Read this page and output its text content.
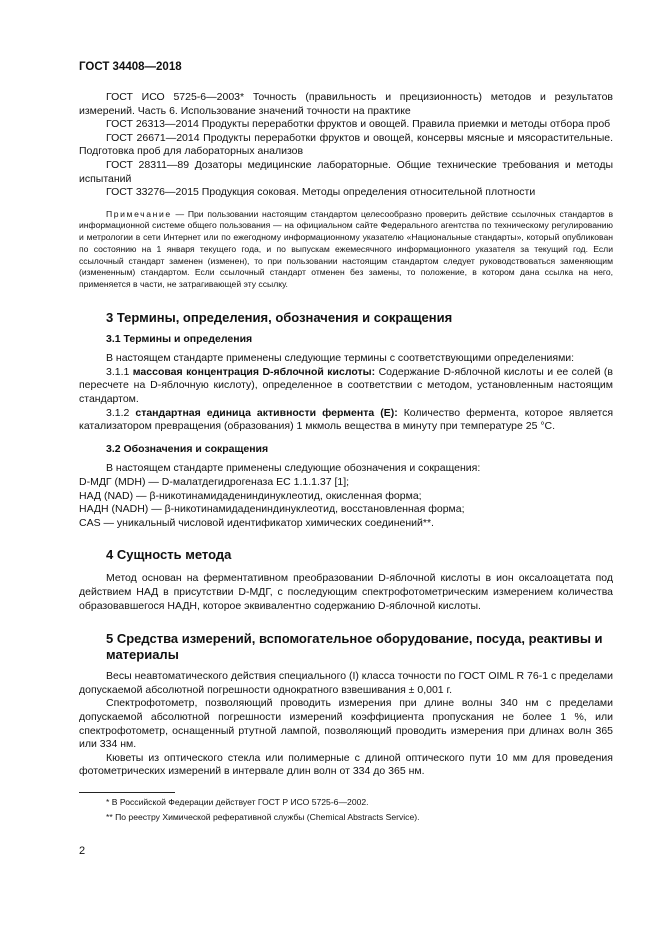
ГОСТ 34408—2018

ГОСТ ИСО 5725-6—2003* Точность (правильность и прецизионность) методов и результатов измерений. Часть 6. Использование значений точности на практике

ГОСТ 26313—2014 Продукты переработки фруктов и овощей. Правила приемки и методы отбора проб

ГОСТ 26671—2014 Продукты переработки фруктов и овощей, консервы мясные и мясорастительные. Подготовка проб для лабораторных анализов

ГОСТ 28311—89 Дозаторы медицинские лабораторные. Общие технические требования и методы испытаний

ГОСТ 33276—2015 Продукция соковая. Методы определения относительной плотности

Примечание — При пользовании настоящим стандартом целесообразно проверить действие ссылочных стандартов в информационной системе общего пользования — на официальном сайте Федерального агентства по техническому регулированию и метрологии в сети Интернет или по ежегодному информационному указателю «Национальные стандарты», который опубликован по состоянию на 1 января текущего года, и по выпускам ежемесячного информационного указателя за текущий год. Если ссылочный стандарт заменен (изменен), то при пользовании настоящим стандартом следует руководствоваться заменяющим (измененным) стандартом. Если ссылочный стандарт отменен без замены, то положение, в котором дана ссылка на него, применяется в части, не затрагивающей эту ссылку.

3 Термины, определения, обозначения и сокращения
3.1 Термины и определения

В настоящем стандарте применены следующие термины с соответствующими определениями:

3.1.1 массовая концентрация D-яблочной кислоты: Содержание D-яблочной кислоты и ее солей (в пересчете на D-яблочную кислоту), определенное в соответствии с методом, установленным настоящим стандартом.

3.1.2 стандартная единица активности фермента (Е): Количество фермента, которое является катализатором превращения (образования) 1 мкмоль вещества в минуту при температуре 25 °С.

3.2 Обозначения и сокращения

В настоящем стандарте применены следующие обозначения и сокращения:

D-МДГ (MDH) — D-малатдегидрогеназа ЕС 1.1.1.37 [1];

НАД (NAD) — β-никотинамидадениндинуклеотид, окисленная форма;

НАДН (NADH) — β-никотинамидадениндинуклеотид, восстановленная форма;

CAS — уникальный числовой идентификатор химических соединений**.

4 Сущность метода

Метод основан на ферментативном преобразовании D-яблочной кислоты в ион оксалоацетата под действием НАД в присутствии D-МДГ, с последующим спектрофотометрическим измерением количества образовавшегося НАДН, которое эквивалентно содержанию D-яблочной кислоты.

5 Средства измерений, вспомогательное оборудование, посуда, реактивы и материалы

Весы неавтоматического действия специального (I) класса точности по ГОСТ OIML R 76-1 с пределами допускаемой абсолютной погрешности однократного взвешивания ± 0,001 г.

Спектрофотометр, позволяющий проводить измерения при длине волны 340 нм с пределами допускаемой абсолютной погрешности измерений коэффициента пропускания не более 1 %, или спектрофотометр, оснащенный ртутной лампой, позволяющий проводить измерения при длинах волн 365 или 334 нм.

Кюветы из оптического стекла или полимерные с длиной оптического пути 10 мм для проведения фотометрических измерений в интервале длин волн от 334 до 365 нм.

* В Российской Федерации действует ГОСТ Р ИСО 5725-6—2002.

** По реестру Химической реферативной службы (Chemical Abstracts Service).

2
